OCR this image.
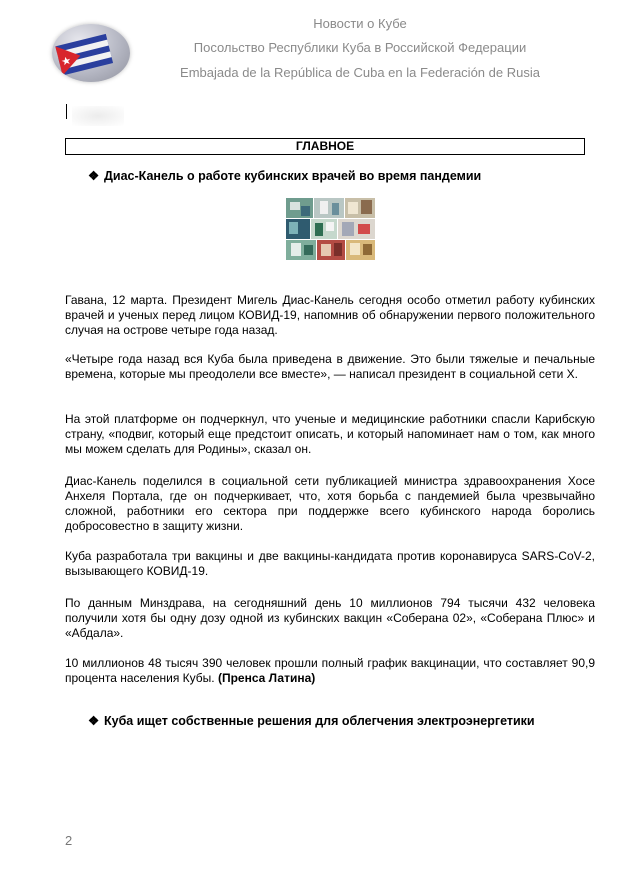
Новости о Кубе
Посольство Республики Куба в Российской Федерации
Embajada de la República de Cuba en la Federación de Rusia
ГЛАВНОЕ
❖ Диас-Канель о работе кубинских врачей во время пандемии
Гавана, 12 марта. Президент Мигель Диас-Канель сегодня особо отметил работу кубинских врачей и ученых перед лицом КОВИД-19, напомнив об обнаружении первого положительного случая на острове четыре года назад.
«Четыре года назад вся Куба была приведена в движение. Это были тяжелые и печальные времена, которые мы преодолели все вместе», — написал президент в социальной сети Х.
На этой платформе он подчеркнул, что ученые и медицинские работники спасли Карибскую страну, «подвиг, который еще предстоит описать, и который напоминает нам о том, как много мы можем сделать для Родины», сказал он.
Диас-Канель поделился в социальной сети публикацией министра здравоохранения Хосе Анхеля Портала, где он подчеркивает, что, хотя борьба с пандемией была чрезвычайно сложной, работники его сектора при поддержке всего кубинского народа боролись добросовестно в защиту жизни.
Куба разработала три вакцины и две вакцины-кандидата против коронавируса SARS-CoV-2, вызывающего КОВИД-19.
По данным Минздрава, на сегодняшний день 10 миллионов 794 тысячи 432 человека получили хотя бы одну дозу одной из кубинских вакцин «Соберана 02», «Соберана Плюс» и «Абдала».
10 миллионов 48 тысяч 390 человек прошли полный график вакцинации, что составляет 90,9 процента населения Кубы. (Пренса Латина)
❖ Куба ищет собственные решения для облегчения электроэнергетики
2
